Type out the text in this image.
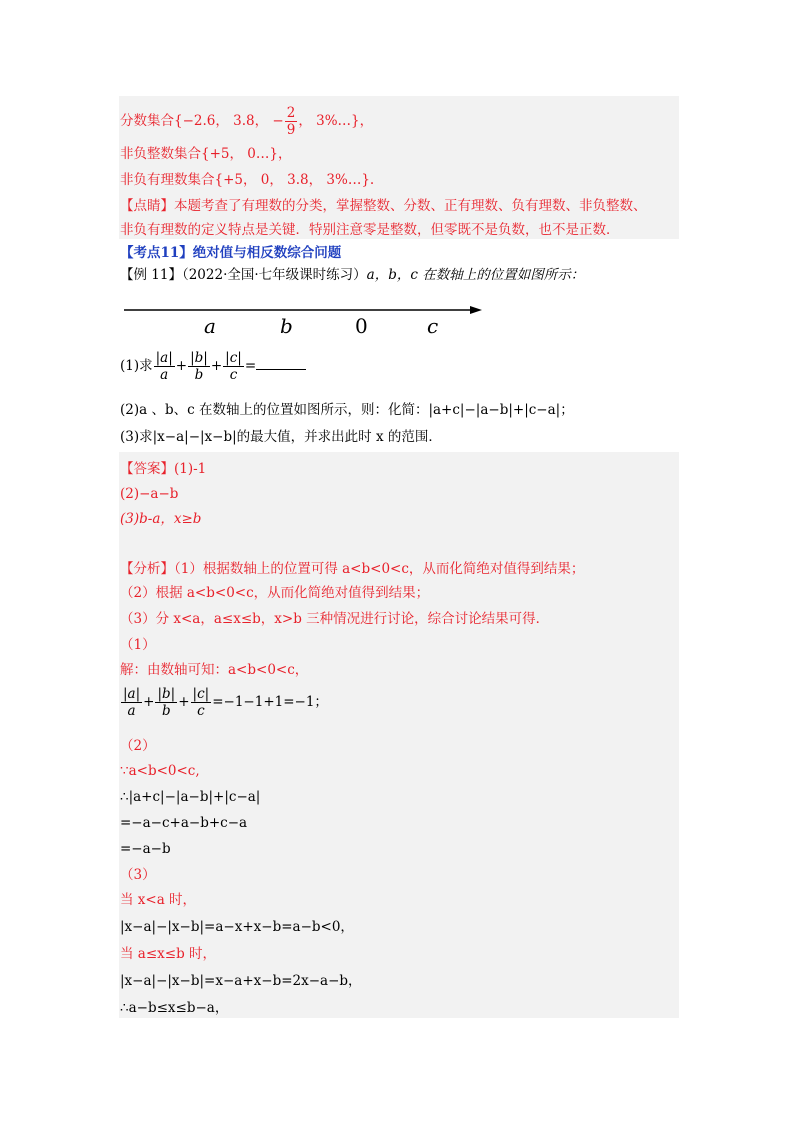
分数集合{−2.6， 3.8， − $\frac{2}{9}$ ， 3%…}，
非负整数集合{+5， 0…}，
非负有理数集合{+5， 0， 3.8， 3%…}.
【点睛】本题考查了有理数的分类，掌握整数、分数、正有理数、负有理数、非负整数、
非负有理数的定义特点是关键．特别注意零是整数，但零既不是负数，也不是正数．
【考点11】绝对值与相反数综合问题
【例 11】（2022·全国·七年级课时练习）a，b，c 在数轴上的位置如图所示：
a	b	0	c
(1)求 $\frac{|a|}{a} + \frac{|b|}{b} + \frac{|c|}{c}$ =
(2)a 、b、c 在数轴上的位置如图所示，则：化简：|a+c|−|a−b|+|c−a|；
(3)求|x−a|−|x−b|的最大值，并求出此时 x 的范围．
【答案】(1)-1
(2)−a−b
(3)b-a，x≥b
【分析】（1）根据数轴上的位置可得 a<b<0<c，从而化简绝对值得到结果；
（2）根据 a<b<0<c，从而化简绝对值得到结果；
（3）分 x<a，a≤x≤b，x>b 三种情况进行讨论，综合讨论结果可得．
（1）
解：由数轴可知：a<b<0<c，
$\frac{|a|}{a} + \frac{|b|}{b} + \frac{|c|}{c} =-1-1+1=-1$；
（2）
∵a<b<0<c,
∴|a+c|−|a−b|+|c−a|
=−a−c+a−b+c−a
=−a−b
（3）
当 x<a 时，
|x−a|−|x−b|=a−x+x−b=a−b<0，
当 a≤x≤b 时，
|x−a|−|x−b|=x−a+x−b=2x−a−b，
∴a−b≤x≤b−a，
